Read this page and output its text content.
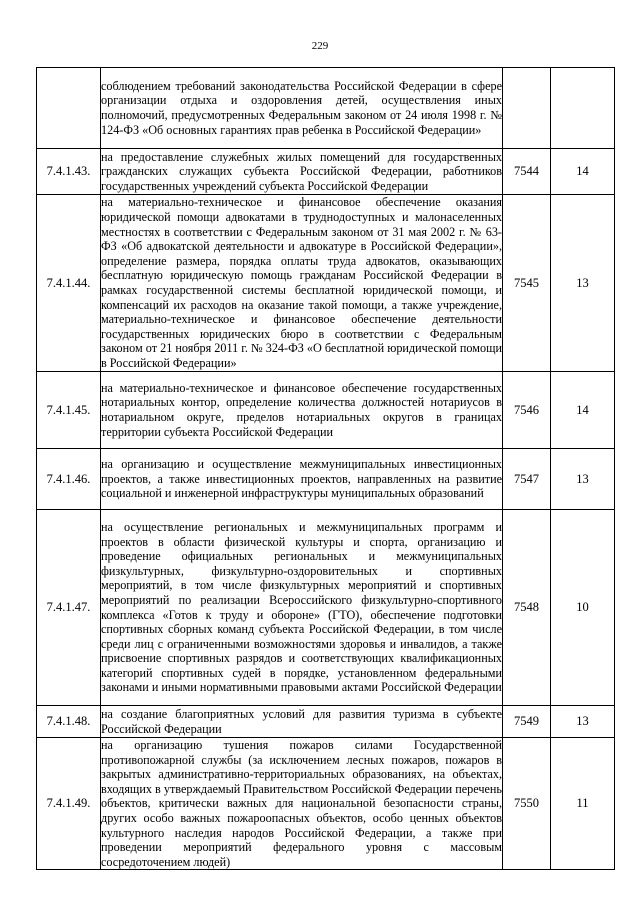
229
	соблюдением требований законодательства Российской Федерации в сфере организации отдыха и оздоровления детей, осуществления иных полномочий, предусмотренных Федеральным законом от 24 июля 1998 г. № 124-ФЗ «Об основных гарантиях прав ребенка в Российской Федерации»		
7.4.1.43.	на предоставление служебных жилых помещений для государственных гражданских служащих субъекта Российской Федерации, работников государственных учреждений субъекта Российской Федерации	7544	14
7.4.1.44.	на материально-техническое и финансовое обеспечение оказания юридической помощи адвокатами в труднодоступных и малонаселенных местностях в соответствии с Федеральным законом от 31 мая 2002 г. № 63-ФЗ «Об адвокатской деятельности и адвокатуре в Российской Федерации», определение размера, порядка оплаты труда адвокатов, оказывающих бесплатную юридическую помощь гражданам Российской Федерации в рамках государственной системы бесплатной юридической помощи, и компенсаций их расходов на оказание такой помощи, а также учреждение, материально-техническое и финансовое обеспечение деятельности государственных юридических бюро в соответствии с Федеральным законом от 21 ноября 2011 г. № 324-ФЗ «О бесплатной юридической помощи в Российской Федерации»	7545	13
7.4.1.45.	на материально-техническое и финансовое обеспечение государственных нотариальных контор, определение количества должностей нотариусов в нотариальном округе, пределов нотариальных округов в границах территории субъекта Российской Федерации	7546	14
7.4.1.46.	на организацию и осуществление межмуниципальных инвестиционных проектов, а также инвестиционных проектов, направленных на развитие социальной и инженерной инфраструктуры муниципальных образований	7547	13
7.4.1.47.	на осуществление региональных и межмуниципальных программ и проектов в области физической культуры и спорта, организацию и проведение официальных региональных и межмуниципальных физкультурных, физкультурно-оздоровительных и спортивных мероприятий, в том числе физкультурных мероприятий и спортивных мероприятий по реализации Всероссийского физкультурно-спортивного комплекса «Готов к труду и обороне» (ГТО), обеспечение подготовки спортивных сборных команд субъекта Российской Федерации, в том числе среди лиц с ограниченными возможностями здоровья и инвалидов, а также присвоение спортивных разрядов и соответствующих квалификационных категорий спортивных судей в порядке, установленном федеральными законами и иными нормативными правовыми актами Российской Федерации	7548	10
7.4.1.48.	на создание благоприятных условий для развития туризма в субъекте Российской Федерации	7549	13
7.4.1.49.	на организацию тушения пожаров силами Государственной противопожарной службы (за исключением лесных пожаров, пожаров в закрытых административно-территориальных образованиях, на объектах, входящих в утверждаемый Правительством Российской Федерации перечень объектов, критически важных для национальной безопасности страны, других особо важных пожароопасных объектов, особо ценных объектов культурного наследия народов Российской Федерации, а также при проведении мероприятий федерального уровня с массовым сосредоточением людей)	7550	11
